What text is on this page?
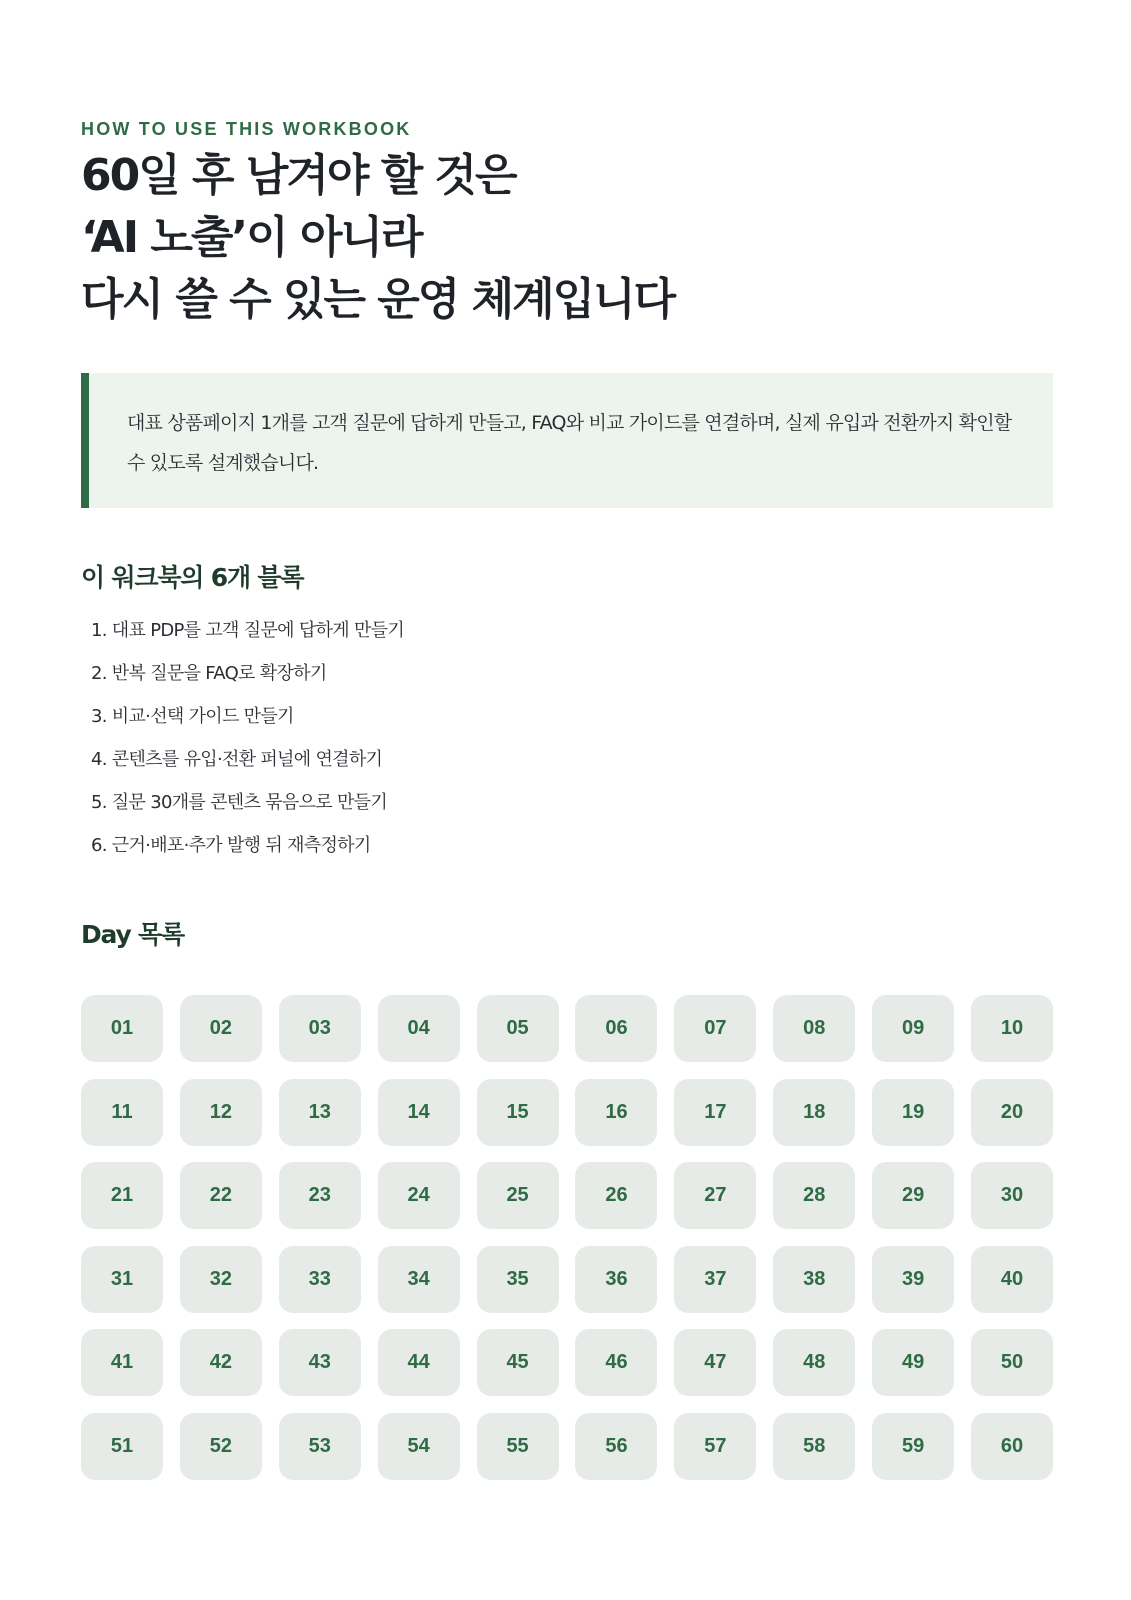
HOW TO USE THIS WORKBOOK
60일 후 남겨야 할 것은
‘AI 노출’이 아니라
다시 쓸 수 있는 운영 체계입니다

대표 상품페이지 1개를 고객 질문에 답하게 만들고, FAQ와 비교 가이드를 연결하며, 실제 유입과 전환까지 확인할 수 있도록 설계했습니다.

이 워크북의 6개 블록
1. 대표 PDP를 고객 질문에 답하게 만들기
2. 반복 질문을 FAQ로 확장하기
3. 비교·선택 가이드 만들기
4. 콘텐츠를 유입·전환 퍼널에 연결하기
5. 질문 30개를 콘텐츠 묶음으로 만들기
6. 근거·배포·추가 발행 뒤 재측정하기
Day 목록
01	02	03	04	05	06	07	08	09	10
11	12	13	14	15	16	17	18	19	20
21	22	23	24	25	26	27	28	29	30
31	32	33	34	35	36	37	38	39	40
41	42	43	44	45	46	47	48	49	50
51	52	53	54	55	56	57	58	59	60
